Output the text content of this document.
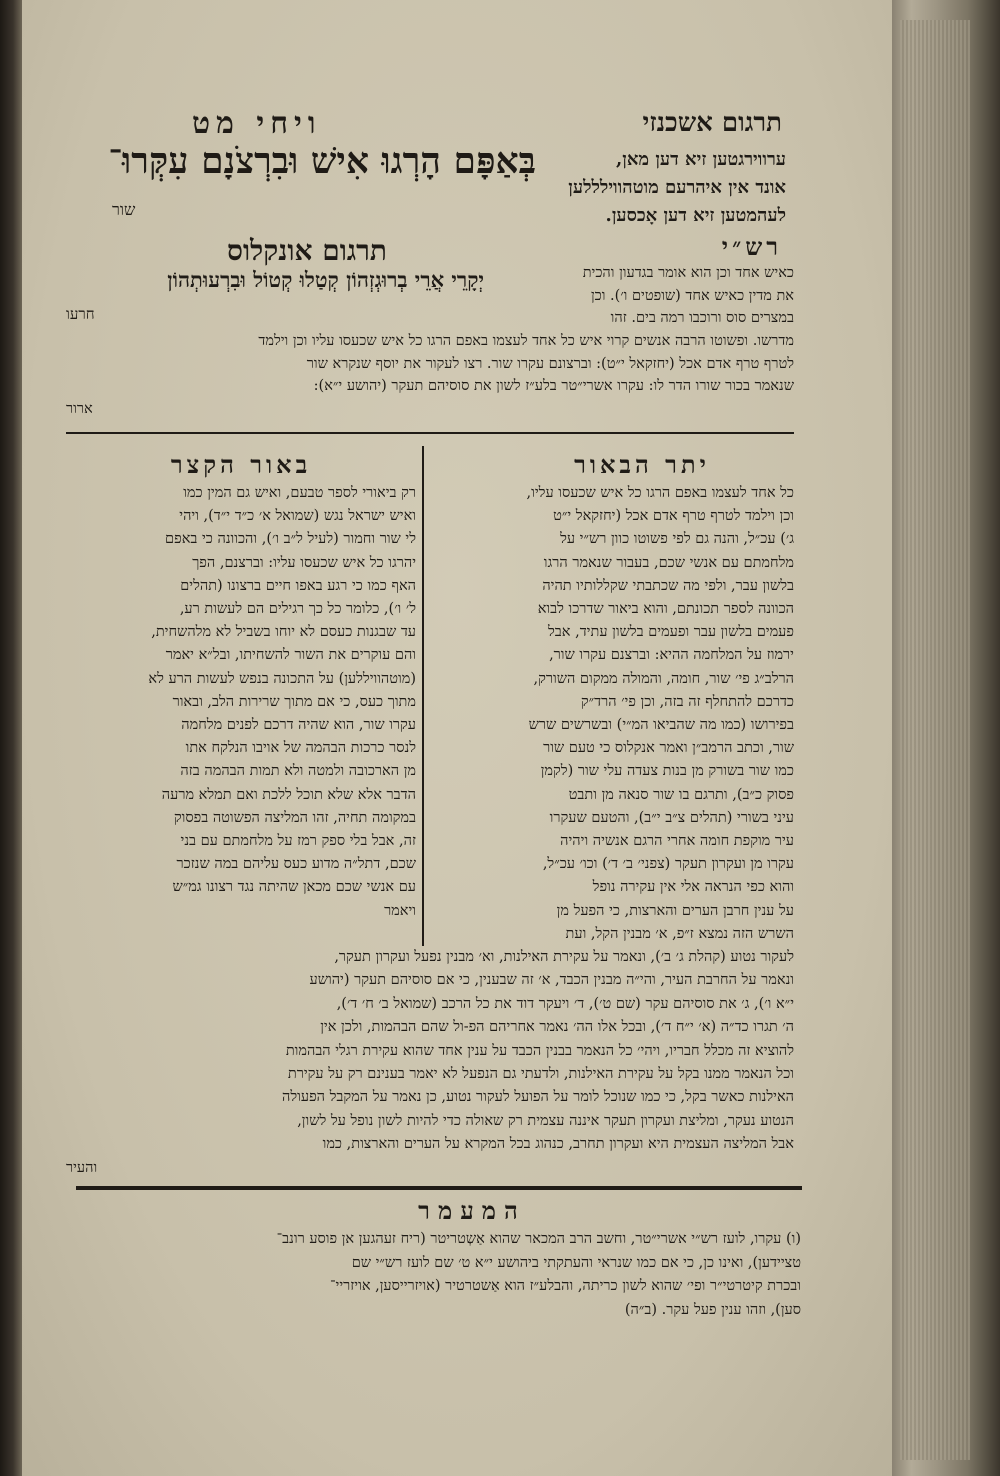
תרגום אשכנזי
ויחי מט
בְּאַפָּם הָרְגוּ אִישׁ וּבִרְצֹנָם עִקְּרוּ־
שור
ערווירגטען זיא דען מאן,
אונד אין איהרעם מוטהווילללען
לעהמטען זיא דען אָכסען.
רש״י
תרגום אונקלוס
יְקָרֵי אֲרֵי בְרוּגְזְהוֹן קְטַלוּ קְטוֹל וּבִרְעוּתְהוֹן
חרעו
כאיש אחד וכן הוא אומר בגדעון והכית
את מדין כאיש אחד (שופטים ו׳). וכן
במצרים סוס ורוכבו רמה בים. זהו
מדרשו. ופשוטו הרבה אנשים קרוי איש כל אחד לעצמו באפם הרגו כל איש שכעסו עליו וכן וילמד
לטרף טרף אדם אכל (יחזקאל י״ט): וברצונם עקרו שור. רצו לעקור את יוסף שנקרא שור
שנאמר בכור שורו הדר לו: עקרו אשרי״טר בלע״ז לשון את סוסיהם תעקר (יהושע י״א):
ארור
יתר הבאור
באור הקצר
כל אחד לעצמו באפם הרגו כל איש שכעסו עליו,
וכן וילמד לטרף טרף אדם אכל (יחזקאל י״ט
ג׳) עכ״ל, והנה גם לפי פשוטו כוון רש״י על
מלחמתם עם אנשי שכם, בעבור שנאמר הרגו
בלשון עבר, ולפי מה שכתבתי שקללותיו תהיה
הכוונה לספר תכונתם, והוא ביאור שדרכו לבוא
פעמים בלשון עבר ופעמים בלשון עתיד, אבל
ירמוז על המלחמה ההיא: וברצנם עקרו שור,
הרלב״ג פי׳ שור, חומה, והמולה ממקום השורק,
כדרכם להתחלף זה בזה, וכן פי׳ הרד״ק
בפירושו (כמו מה שהביאו המ״י) ובשרשים שרש
שור, וכתב הרמב״ן ואמר אנקלוס כי טעם שור
כמו שור בשורק מן בנות צעדה עלי שור (לקמן
פסוק כ״ב), ותרגם בו שור סנאה מן ותבט
עיני בשורי (תהלים צ״ב י״ב), והטעם שעקרו
עיר מוקפת חומה אחרי הרגם אנשיה ויהיה
עקרו מן ועקרון תעקר (צפני׳ ב׳ ד׳) וכו׳ עכ״ל,
והוא כפי הנראה אלי אין עקירה נופל
על ענין חרבן הערים והארצות, כי הפעל מן
השרש הזה נמצא ז״פ, א׳ מבנין הקל, ועת
רק ביאורי לספר טבעם, ואיש גם המין כמו
ואיש ישראל נגש (שמואל א׳ כ״ד י״ד), ויהי
לי שור וחמור (לעיל ל״ב ו׳), והכוונה כי באפם
יהרגו כל איש שכעסו עליו: וברצנם, הפך
האף כמו כי רגע באפו חיים ברצונו (תהלים
ל׳ ו׳), כלומר כל כך רגילים הם לעשות רע,
עד שבגנות כעסם לא יוחו בשביל לא מלהשחית,
והם עוקרים את השור להשחיתו, ובל״א יאמר
(מוטהוויללען) על התכונה בנפש לעשות הרע לא
מתוך כעס, כי אם מתוך שרירות הלב, ובאור
עקרו שור, הוא שהיה דרכם לפנים מלחמה
לנסר כרכות הבהמה של אויבו הנלקח אתו
מן הארכובה ולמטה ולא תמות הבהמה בזה
הדבר אלא שלא תוכל ללכת ואם תמלא מרעה
במקומה תחיה, זהו המליצה הפשוטה בפסוק
זה, אבל בלי ספק רמז על מלחמתם עם בני
שכם, דתל״ה מדוע כעס עליהם במה שנזכר
עם אנשי שכם מכאן שהיתה נגד רצונו גמ״ש
ויאמר
לעקור נטוע (קהלת ג׳ ב׳), ונאמר על עקירת האילנות, וא׳ מבנין נפעל ועקרון תעקר,
ונאמר על החרבת העיר, והי״ה מבנין הכבד, א׳ זה שבענין, כי אם סוסיהם תעקר (יהושע
י״א ו׳), ג׳ את סוסיהם עקר (שם ט׳), ד׳ ויעקר דוד את כל הרכב (שמואל ב׳ ח׳ ד׳),
ה׳ תגרו כד״ה (א׳ י״ח ד׳), ובכל אלו הה׳ נאמר אחריהם הפ-ול שהם הבהמות, ולכן אין
להוציא זה מכלל חבריו, ויהי׳ כל הנאמר בבנין הכבד על ענין אחד שהוא עקירת רגלי הבהמות
וכל הנאמר ממנו בקל על עקירת האילנות, ולדעתי גם הנפעל לא יאמר בענינם רק על עקירת
האילנות כאשר בקל, כי כמו שנוכל לומר על הפועל לעקור נטוע, כן נאמר על המקבל הפעולה
הנטוע נעקר, ומליצת ועקרון תעקר איננה עצמית רק שאולה כדי להיות לשון נופל על לשון,
אבל המליצה העצמית היא ועקרון תחרב, כנהוג בכל המקרא על הערים והארצות, כמו
והעיר
המעמר
(ו) עקרו, לועז רש״י אשרי״טר, וחשב הרב המכאר שהוא אַשְטריטר (ריח זעהגען אן פוסע רונב־
טציידען), ואינו כן, כי אם כמו שנראי והעתקתי ביהושע י״א ט׳ שם לועז רש״י שם
ובכרת קיטרטי״ר ופי׳ שהוא לשון כריתה, והבלע״ז הוא אַשטרטיר (אויזרייסען, אויזריי־
סען), וזהו ענין פעל עקר. (ב״ה)
